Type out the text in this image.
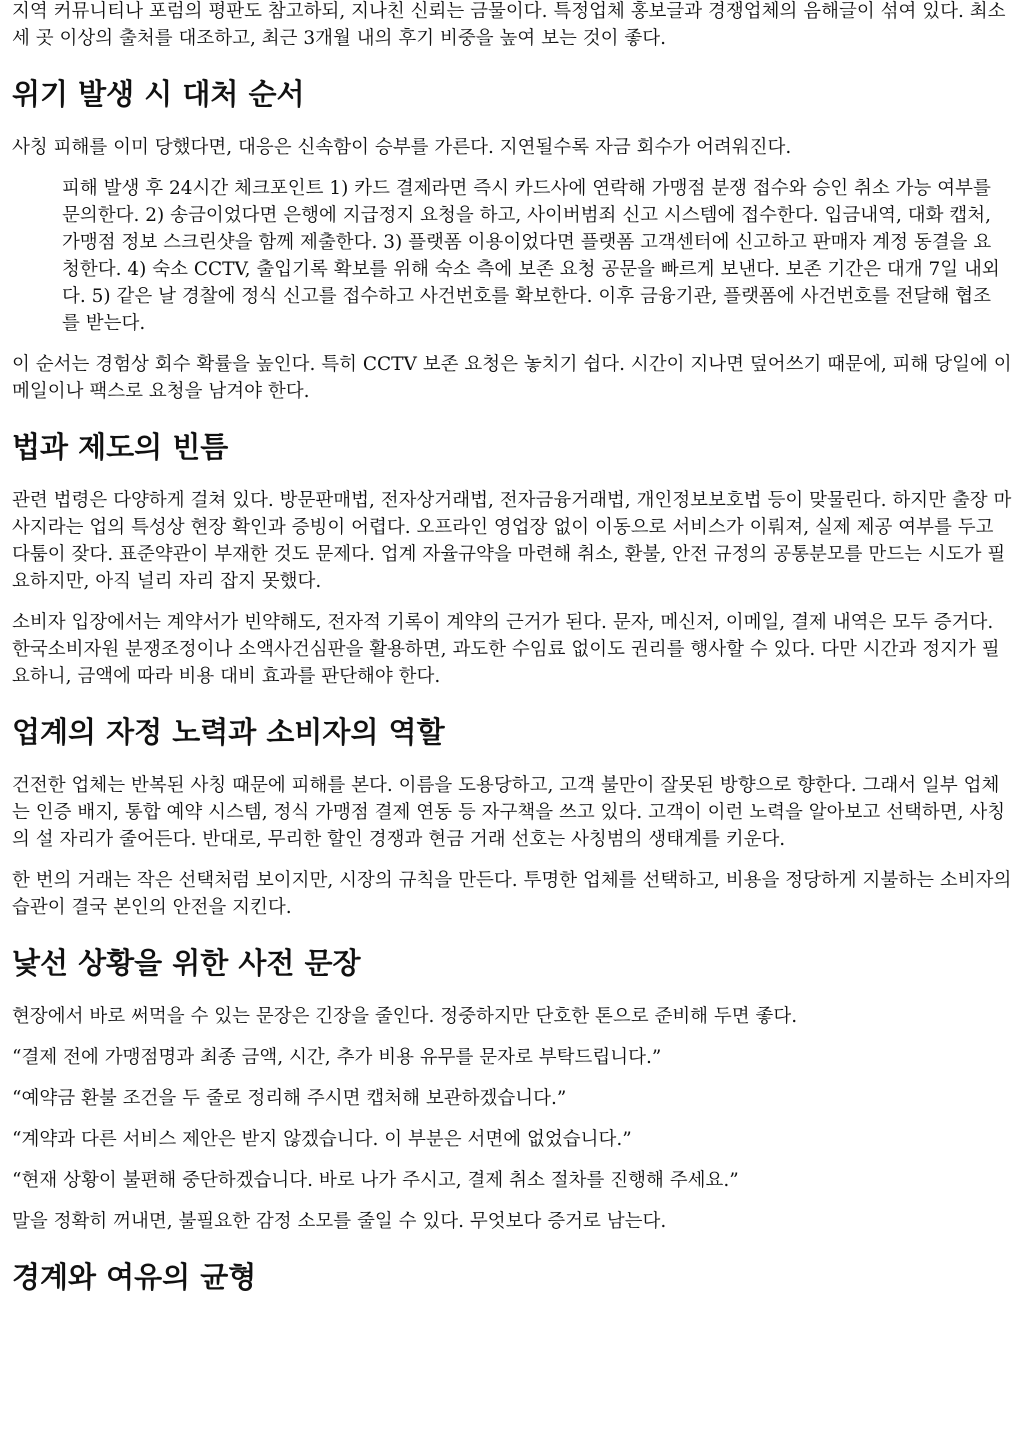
지역 커뮤니티나 포럼의 평판도 참고하되, 지나친 신뢰는 금물이다. 특정업체 홍보글과 경쟁업체의 음해글이 섞여 있다. 최소 세 곳 이상의 출처를 대조하고, 최근 3개월 내의 후기 비중을 높여 보는 것이 좋다.

위기 발생 시 대처 순서

사칭 피해를 이미 당했다면, 대응은 신속함이 승부를 가른다. 지연될수록 자금 회수가 어려워진다.

피해 발생 후 24시간 체크포인트 1) 카드 결제라면 즉시 카드사에 연락해 가맹점 분쟁 접수와 승인 취소 가능 여부를 문의한다. 2) 송금이었다면 은행에 지급정지 요청을 하고, 사이버범죄 신고 시스템에 접수한다. 입금내역, 대화 캡처, 가맹점 정보 스크린샷을 함께 제출한다. 3) 플랫폼 이용이었다면 플랫폼 고객센터에 신고하고 판매자 계정 동결을 요청한다. 4) 숙소 CCTV, 출입기록 확보를 위해 숙소 측에 보존 요청 공문을 빠르게 보낸다. 보존 기간은 대개 7일 내외다. 5) 같은 날 경찰에 정식 신고를 접수하고 사건번호를 확보한다. 이후 금융기관, 플랫폼에 사건번호를 전달해 협조를 받는다.

이 순서는 경험상 회수 확률을 높인다. 특히 CCTV 보존 요청은 놓치기 쉽다. 시간이 지나면 덮어쓰기 때문에, 피해 당일에 이메일이나 팩스로 요청을 남겨야 한다.

법과 제도의 빈틈

관련 법령은 다양하게 걸쳐 있다. 방문판매법, 전자상거래법, 전자금융거래법, 개인정보보호법 등이 맞물린다. 하지만 출장 마사지라는 업의 특성상 현장 확인과 증빙이 어렵다. 오프라인 영업장 없이 이동으로 서비스가 이뤄져, 실제 제공 여부를 두고 다툼이 잦다. 표준약관이 부재한 것도 문제다. 업계 자율규약을 마련해 취소, 환불, 안전 규정의 공통분모를 만드는 시도가 필요하지만, 아직 널리 자리 잡지 못했다.

소비자 입장에서는 계약서가 빈약해도, 전자적 기록이 계약의 근거가 된다. 문자, 메신저, 이메일, 결제 내역은 모두 증거다. 한국소비자원 분쟁조정이나 소액사건심판을 활용하면, 과도한 수임료 없이도 권리를 행사할 수 있다. 다만 시간과 정지가 필요하니, 금액에 따라 비용 대비 효과를 판단해야 한다.

업계의 자정 노력과 소비자의 역할

건전한 업체는 반복된 사칭 때문에 피해를 본다. 이름을 도용당하고, 고객 불만이 잘못된 방향으로 향한다. 그래서 일부 업체는 인증 배지, 통합 예약 시스템, 정식 가맹점 결제 연동 등 자구책을 쓰고 있다. 고객이 이런 노력을 알아보고 선택하면, 사칭의 설 자리가 줄어든다. 반대로, 무리한 할인 경쟁과 현금 거래 선호는 사칭범의 생태계를 키운다.

한 번의 거래는 작은 선택처럼 보이지만, 시장의 규칙을 만든다. 투명한 업체를 선택하고, 비용을 정당하게 지불하는 소비자의 습관이 결국 본인의 안전을 지킨다.

낯선 상황을 위한 사전 문장

현장에서 바로 써먹을 수 있는 문장은 긴장을 줄인다. 정중하지만 단호한 톤으로 준비해 두면 좋다.

“결제 전에 가맹점명과 최종 금액, 시간, 추가 비용 유무를 문자로 부탁드립니다.”

“예약금 환불 조건을 두 줄로 정리해 주시면 캡처해 보관하겠습니다.”

“계약과 다른 서비스 제안은 받지 않겠습니다. 이 부분은 서면에 없었습니다.”

“현재 상황이 불편해 중단하겠습니다. 바로 나가 주시고, 결제 취소 절차를 진행해 주세요.”

말을 정확히 꺼내면, 불필요한 감정 소모를 줄일 수 있다. 무엇보다 증거로 남는다.

경계와 여유의 균형
